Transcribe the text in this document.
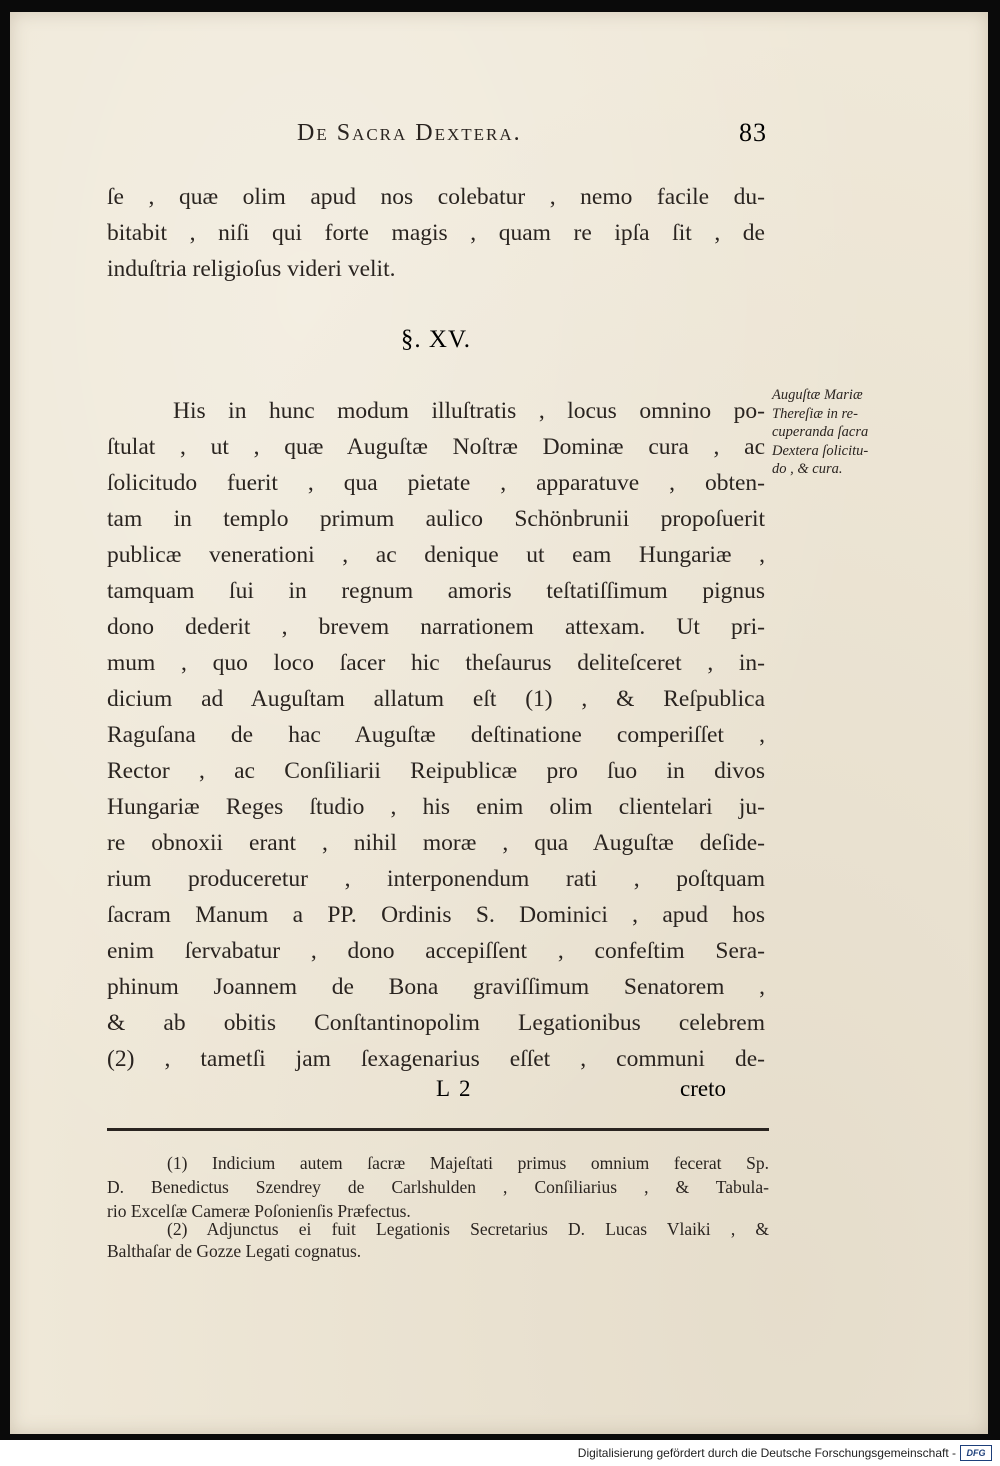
De Sacra Dextera.	83
ſe , quæ olim apud nos colebatur , nemo facile du-
bitabit , niſi qui forte magis , quam re ipſa ſit , de
induſtria religioſus videri velit.
§. XV.
His in hunc modum illuſtratis , locus omnino po-
ſtulat , ut , quæ Auguſtæ Noſtræ Dominæ cura , ac
ſolicitudo fuerit , qua pietate , apparatuve , obten-
tam in templo primum aulico Schönbrunii propoſuerit
publicæ venerationi , ac denique ut eam Hungariæ ,
tamquam ſui in regnum amoris teſtatiſſimum pignus
dono dederit , brevem narrationem attexam. Ut pri-
mum , quo loco ſacer hic theſaurus deliteſceret , in-
dicium ad Auguſtam allatum eſt (1) , & Reſpublica
Raguſana de hac Auguſtæ deſtinatione comperiſſet ,
Rector , ac Conſiliarii Reipublicæ pro ſuo in divos
Hungariæ Reges ſtudio , his enim olim clientelari ju-
re obnoxii erant , nihil moræ , qua Auguſtæ deſide-
rium produceretur , interponendum rati , poſtquam
ſacram Manum a PP. Ordinis S. Dominici , apud hos
enim ſervabatur , dono accepiſſent , confeſtim Sera-
phinum Joannem de Bona graviſſimum Senatorem ,
& ab obitis Conſtantinopolim Legationibus celebrem
(2) , tametſi jam ſexagenarius eſſet , communi de-
Auguſtæ Mariæ
Thereſiæ in re-
cuperanda ſacra
Dextera ſolicitu-
do , & cura.
L 2	creto
(1) Indicium autem ſacræ Majeſtati primus omnium fecerat Sp.
D. Benedictus Szendrey de Carlshulden , Conſiliarius , & Tabula-
rio Excelſæ Cameræ Poſonienſis Præfectus.
(2) Adjunctus ei fuit Legationis Secretarius D. Lucas Vlaiki , &
Balthaſar de Gozze Legati cognatus.
Digitalisierung gefördert durch die Deutsche Forschungsgemeinschaft -	DFG
